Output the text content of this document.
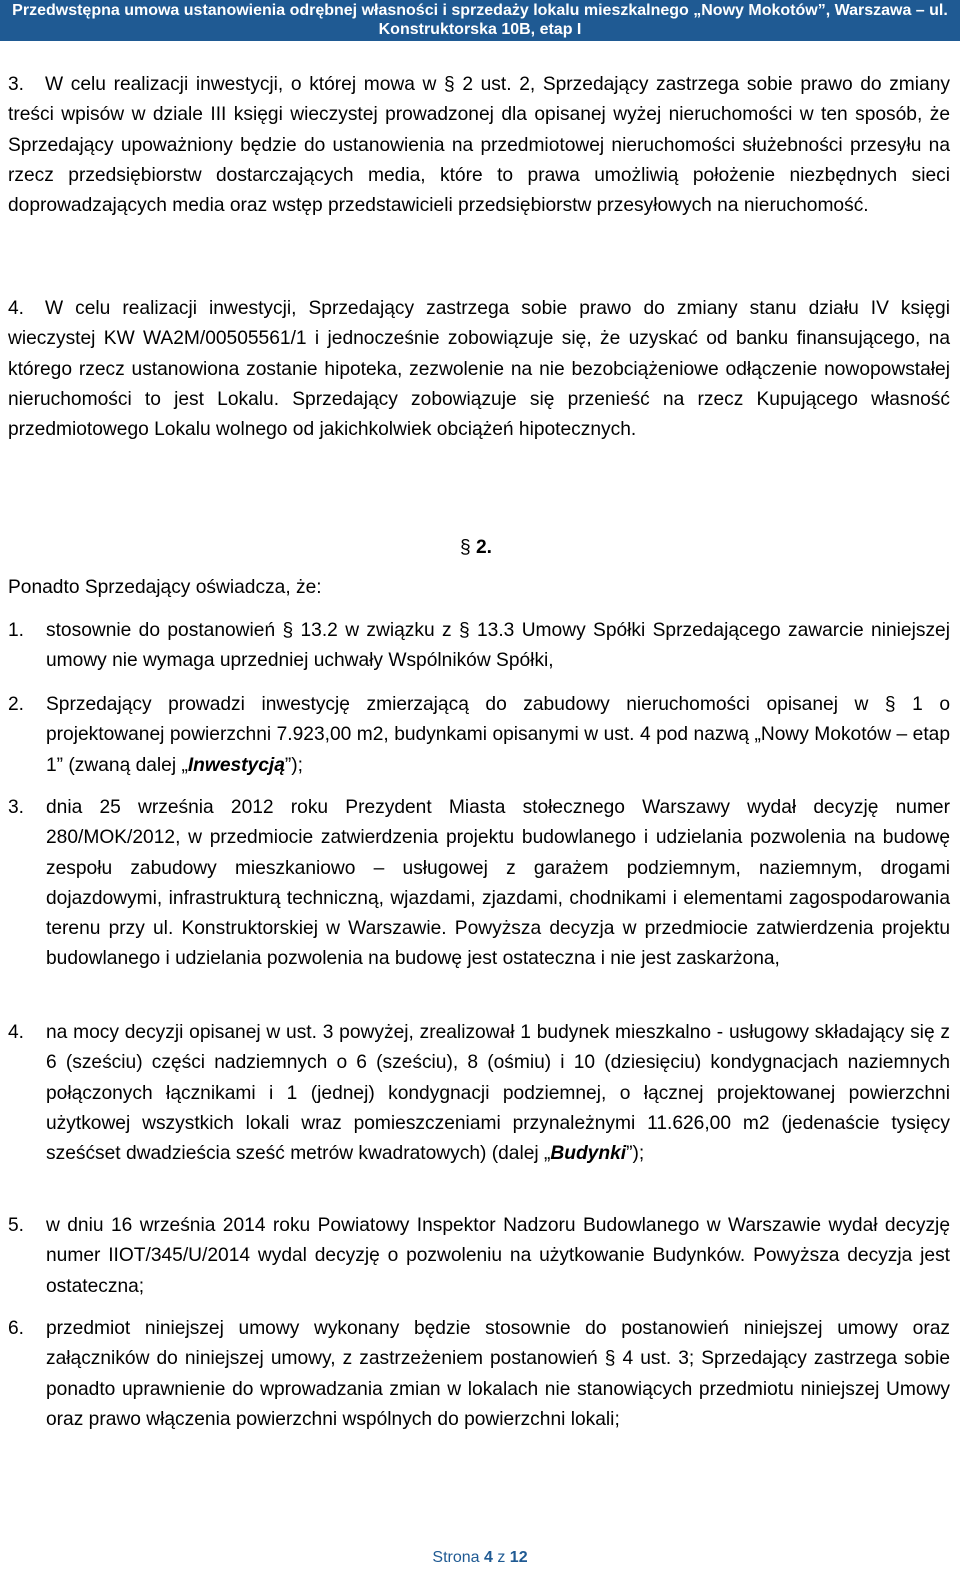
Przedwstępna umowa ustanowienia odrębnej własności i sprzedaży lokalu mieszkalnego „Nowy Mokotów”, Warszawa – ul.
Konstruktorska 10B, etap I

3. W celu realizacji inwestycji, o której mowa w § 2 ust. 2, Sprzedający zastrzega sobie prawo do zmiany treści wpisów w dziale III księgi wieczystej prowadzonej dla opisanej wyżej nieruchomości w ten sposób, że Sprzedający upoważniony będzie do ustanowienia na przedmiotowej nieruchomości służebności przesyłu na rzecz przedsiębiorstw dostarczających media, które to prawa umożliwią położenie niezbędnych sieci doprowadzających media oraz wstęp przedstawicieli przedsiębiorstw przesyłowych na nieruchomość.

4. W celu realizacji inwestycji, Sprzedający zastrzega sobie prawo do zmiany stanu działu IV księgi wieczystej KW WA2M/00505561/1 i jednocześnie zobowiązuje się, że uzyskać od banku finansującego, na którego rzecz ustanowiona zostanie hipoteka, zezwolenie na nie bezobciążeniowe odłączenie nowopowstałej nieruchomości to jest Lokalu. Sprzedający zobowiązuje się przenieść na rzecz Kupującego własność przedmiotowego Lokalu wolnego od jakichkolwiek obciążeń hipotecznych.

§ 2.
Ponadto Sprzedający oświadcza, że:
1.	stosownie do postanowień § 13.2 w związku z § 13.3 Umowy Spółki Sprzedającego zawarcie niniejszej umowy nie wymaga uprzedniej uchwały Wspólników Spółki,
2.	Sprzedający prowadzi inwestycję zmierzającą do zabudowy nieruchomości opisanej w § 1 o projektowanej powierzchni 7.923,00 m2, budynkami opisanymi w ust. 4 pod nazwą „Nowy Mokotów – etap 1” (zwaną dalej „Inwestycją”);
3.	dnia 25 września 2012 roku Prezydent Miasta stołecznego Warszawy wydał decyzję numer 280/MOK/2012, w przedmiocie zatwierdzenia projektu budowlanego i udzielania pozwolenia na budowę zespołu zabudowy mieszkaniowo – usługowej z garażem podziemnym, naziemnym, drogami dojazdowymi, infrastrukturą techniczną, wjazdami, zjazdami, chodnikami i elementami zagospodarowania terenu przy ul. Konstruktorskiej w Warszawie. Powyższa decyzja w przedmiocie zatwierdzenia projektu budowlanego i udzielania pozwolenia na budowę jest ostateczna i nie jest zaskarżona,
4.	na mocy decyzji opisanej w ust. 3 powyżej, zrealizował 1 budynek mieszkalno - usługowy składający się z 6 (sześciu) części nadziemnych o 6 (sześciu), 8 (ośmiu) i 10 (dziesięciu) kondygnacjach naziemnych połączonych łącznikami i 1 (jednej) kondygnacji podziemnej, o łącznej projektowanej powierzchni użytkowej wszystkich lokali wraz pomieszczeniami przynależnymi 11.626,00 m2 (jedenaście tysięcy sześćset dwadzieścia sześć metrów kwadratowych) (dalej „Budynki”);
5.	w dniu 16 września 2014 roku Powiatowy Inspektor Nadzoru Budowlanego w Warszawie wydał decyzję numer IIOT/345/U/2014 wydal decyzję o pozwoleniu na użytkowanie Budynków. Powyższa decyzja jest ostateczna;
6.	przedmiot niniejszej umowy wykonany będzie stosownie do postanowień niniejszej umowy oraz załączników do niniejszej umowy, z zastrzeżeniem postanowień § 4 ust. 3; Sprzedający zastrzega sobie ponadto uprawnienie do wprowadzania zmian w lokalach nie stanowiących przedmiotu niniejszej Umowy oraz prawo włączenia powierzchni wspólnych do powierzchni lokali;
Strona 4 z 12
